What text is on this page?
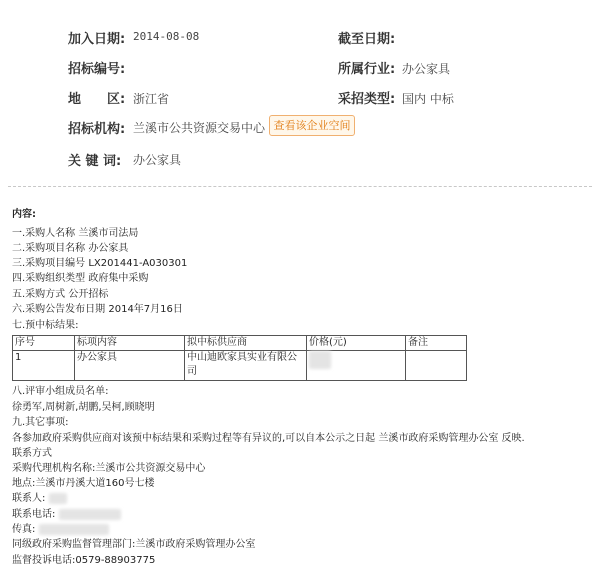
加入日期: 2014-08-08	截至日期:
招标编号:	所属行业: 办公家具
地 区: 浙江省	采招类型: 国内 中标
招标机构: 兰溪市公共资源交易中心 查看该企业空间
关 键 词: 办公家具
内容:
一.采购人名称 兰溪市司法局
二.采购项目名称 办公家具
三.采购项目编号 LX201441-A030301
四.采购组织类型 政府集中采购
五.采购方式 公开招标
六.采购公告发布日期 2014年7月16日
七.预中标结果:
序号	标项内容	拟中标供应商	价格(元)	备注
1	办公家具	中山迪欧家具实业有限公司		
八.评审小组成员名单:
徐勇军,周树新,胡鹏,吴柯,顾晓明
九.其它事项:
各参加政府采购供应商对该预中标结果和采购过程等有异议的,可以自本公示之日起 兰溪市政府采购管理办公室 反映.
联系方式
采购代理机构名称:兰溪市公共资源交易中心
地点:兰溪市丹溪大道160号七楼
联系人:
联系电话:
传真:
同级政府采购监督管理部门:兰溪市政府采购管理办公室
监督投诉电话:0579-88903775
